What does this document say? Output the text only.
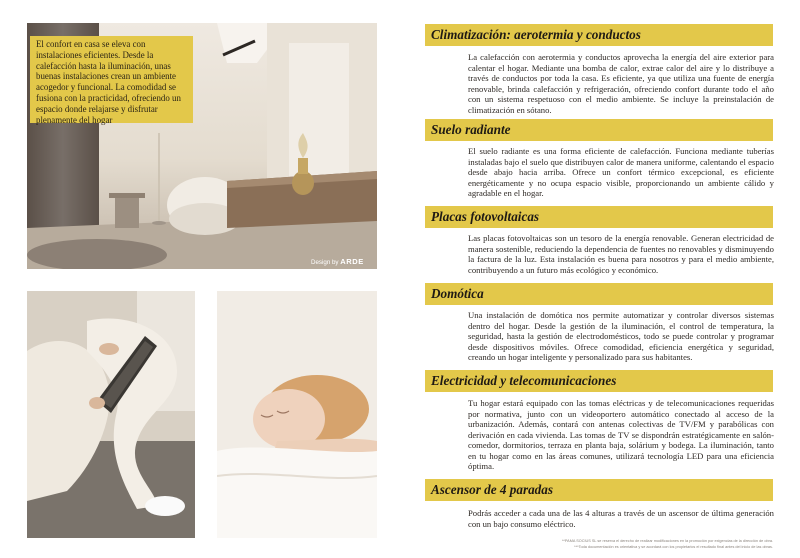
El confort en casa se eleva con instalaciones eficientes. Desde la calefacción hasta la iluminación, unas buenas instalaciones crean un ambiente acogedor y funcional. La comodidad se fusiona con la practicidad, ofreciendo un espacio donde relajarse y disfrutar plenamente del hogar

Design by ARDE
Climatización: aerotermia y conductos

La calefacción con aerotermia y conductos aprovecha la energía del aire exterior para calentar el hogar. Mediante una bomba de calor, extrae calor del aire y lo distribuye a través de conductos por toda la casa. Es eficiente, ya que utiliza una fuente de energía renovable, brinda calefacción y refrigeración, ofreciendo confort durante todo el año con un sistema respetuoso con el medio ambiente. Se incluye la preinstalación de climatización en sótano.

Suelo radiante

El suelo radiante es una forma eficiente de calefacción. Funciona mediante tuberías instaladas bajo el suelo que distribuyen calor de manera uniforme, calentando el espacio desde abajo hacia arriba. Ofrece un confort térmico excepcional, es eficiente energéticamente y no ocupa espacio visible, proporcionando un ambiente cálido y agradable en el hogar.

Placas fotovoltaicas

Las placas fotovoltaicas son un tesoro de la energía renovable. Generan electricidad de manera sostenible, reduciendo la dependencia de fuentes no renovables y disminuyendo la factura de la luz. Esta instalación es buena para nosotros y para el medio ambiente, contribuyendo a un futuro más ecológico y económico.

Domótica

Una instalación de domótica nos permite automatizar y controlar diversos sistemas dentro del hogar. Desde la gestión de la iluminación, el control de temperatura, la seguridad, hasta la gestión de electrodomésticos, todo se puede controlar y programar desde dispositivos móviles. Ofrece comodidad, eficiencia energética y seguridad, creando un hogar inteligente y personalizado para sus habitantes.

Electricidad y telecomunicaciones

Tu hogar estará equipado con las tomas eléctricas y de telecomunicaciones requeridas por normativa, junto con un videoportero automático conectado al acceso de la urbanización. Además, contará con antenas colectivas de TV/FM y parabólicas con derivación en cada vivienda. Las tomas de TV se dispondrán estratégicamente en salón-comedor, dormitorios, terraza en planta baja, solárium y bodega. La iluminación, tanto en tu hogar como en las áreas comunes, utilizará tecnología LED para una eficiencia óptima.

Ascensor de 4 paradas

Podrás acceder a cada una de las 4 alturas a través de un ascensor de última generación con un bajo consumo eléctrico.

**PAMA SOCIUS SL se reserva el derecho de realizar modificaciones en la promoción por exigencias de la dirección de obra.

***Toda documentación es orientativa y se acordará con los propietarios el resultado final antes del inicio de las obras.
